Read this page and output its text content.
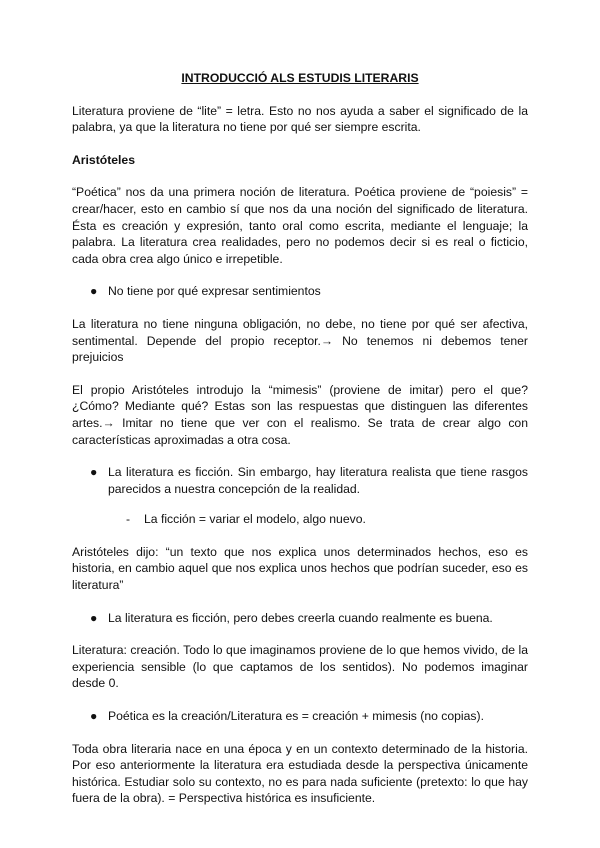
INTRODUCCIÓ ALS ESTUDIS LITERARIS

Literatura proviene de “lite” = letra. Esto no nos ayuda a saber el significado de la palabra, ya que la literatura no tiene por qué ser siempre escrita.

Aristóteles

“Poética” nos da una primera noción de literatura. Poética proviene de “poiesis” = crear/hacer, esto en cambio sí que nos da una noción del significado de literatura. Ésta es creación y expresión, tanto oral como escrita, mediante el lenguaje; la palabra. La literatura crea realidades, pero no podemos decir si es real o ficticio, cada obra crea algo único e irrepetible.

● No tiene por qué expresar sentimientos

La literatura no tiene ninguna obligación, no debe, no tiene por qué ser afectiva, sentimental. Depende del propio receptor.→ No tenemos ni debemos tener prejuicios

El propio Aristóteles introdujo la “mimesis” (proviene de imitar) pero el que? ¿Cómo? Mediante qué? Estas son las respuestas que distinguen las diferentes artes.→ Imitar no tiene que ver con el realismo. Se trata de crear algo con características aproximadas a otra cosa.

● La literatura es ficción. Sin embargo, hay literatura realista que tiene rasgos parecidos a nuestra concepción de la realidad.
- La ficción = variar el modelo, algo nuevo.

Aristóteles dijo: “un texto que nos explica unos determinados hechos, eso es historia, en cambio aquel que nos explica unos hechos que podrían suceder, eso es literatura”

● La literatura es ficción, pero debes creerla cuando realmente es buena.

Literatura: creación. Todo lo que imaginamos proviene de lo que hemos vivido, de la experiencia sensible (lo que captamos de los sentidos). No podemos imaginar desde 0.

● Poética es la creación/Literatura es = creación + mimesis (no copias).

Toda obra literaria nace en una época y en un contexto determinado de la historia. Por eso anteriormente la literatura era estudiada desde la perspectiva únicamente histórica. Estudiar solo su contexto, no es para nada suficiente (pretexto: lo que hay fuera de la obra). = Perspectiva histórica es insuficiente.
